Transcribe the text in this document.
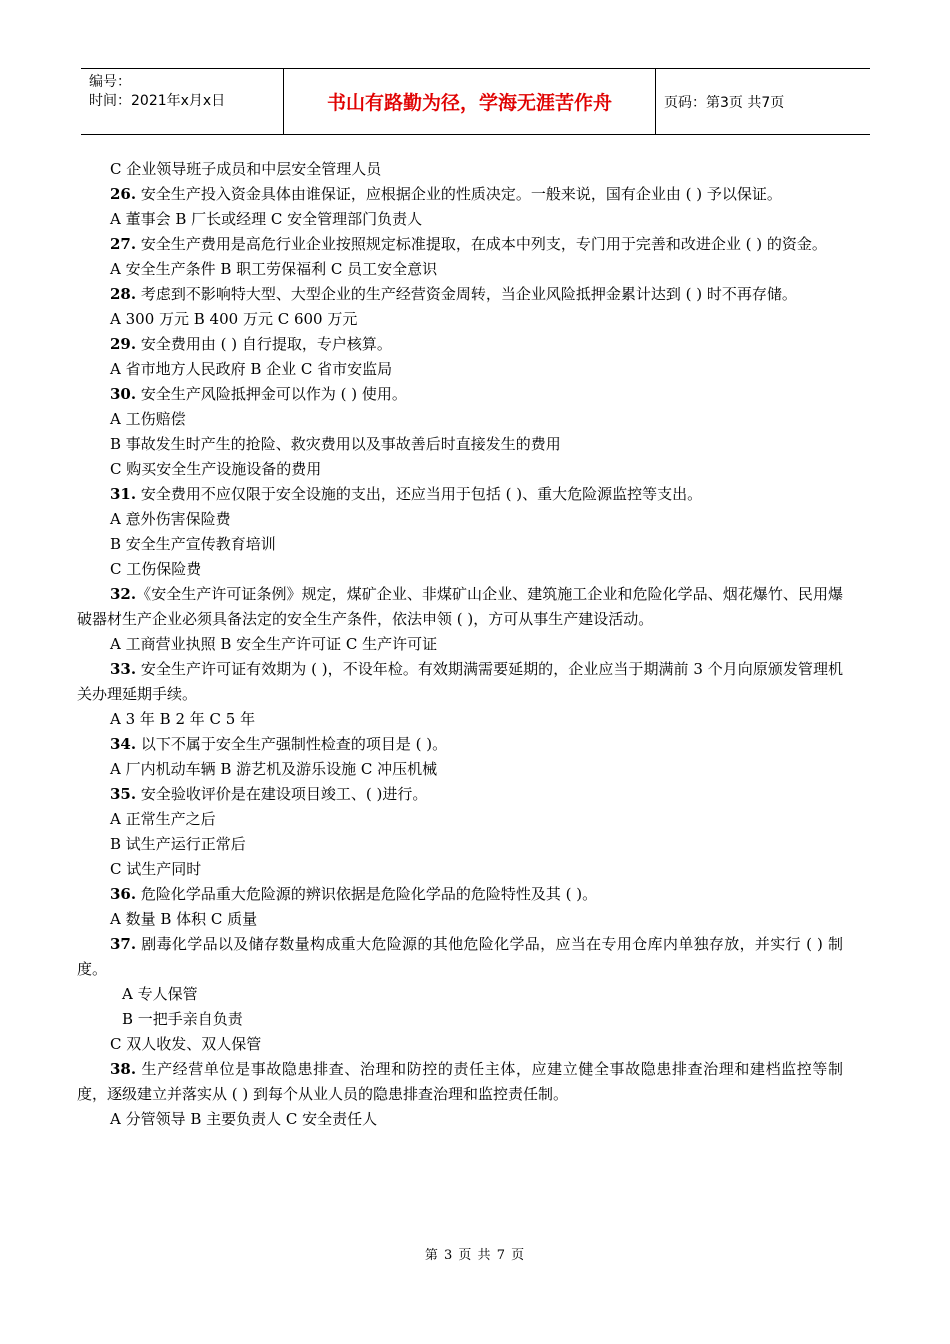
编号：
时间：2021年x月x日	书山有路勤为径，学海无涯苦作舟	页码：第3页 共7页
C 企业领导班子成员和中层安全管理人员
26. 安全生产投入资金具体由谁保证，应根据企业的性质决定。一般来说，国有企业由 ( ) 予以保证。
A 董事会 B 厂长或经理 C 安全管理部门负责人
27. 安全生产费用是高危行业企业按照规定标准提取，在成本中列支，专门用于完善和改进企业 ( ) 的资金。
A 安全生产条件 B 职工劳保福利 C 员工安全意识
28. 考虑到不影响特大型、大型企业的生产经营资金周转，当企业风险抵押金累计达到 ( ) 时不再存储。
A 300 万元 B 400 万元 C 600 万元
29. 安全费用由 ( ) 自行提取，专户核算。
A 省市地方人民政府 B 企业 C 省市安监局
30. 安全生产风险抵押金可以作为 ( ) 使用。
A 工伤赔偿
B 事故发生时产生的抢险、救灾费用以及事故善后时直接发生的费用
C 购买安全生产设施设备的费用
31. 安全费用不应仅限于安全设施的支出，还应当用于包括 ( )、重大危险源监控等支出。
A 意外伤害保险费
B 安全生产宣传教育培训
C 工伤保险费
32.《安全生产许可证条例》规定，煤矿企业、非煤矿山企业、建筑施工企业和危险化学品、烟花爆竹、民用爆破器材生产企业必须具备法定的安全生产条件，依法申领 ( )，方可从事生产建设活动。
A 工商营业执照 B 安全生产许可证 C 生产许可证
33. 安全生产许可证有效期为 ( )，不设年检。有效期满需要延期的，企业应当于期满前 3 个月向原颁发管理机关办理延期手续。
A 3 年 B 2 年 C 5 年
34. 以下不属于安全生产强制性检查的项目是 ( )。
A 厂内机动车辆 B 游艺机及游乐设施 C 冲压机械
35. 安全验收评价是在建设项目竣工、( )进行。
A 正常生产之后
B 试生产运行正常后
C 试生产同时
36. 危险化学品重大危险源的辨识依据是危险化学品的危险特性及其 ( )。
A 数量 B 体积 C 质量
37. 剧毒化学品以及储存数量构成重大危险源的其他危险化学品，应当在专用仓库内单独存放，并实行 ( ) 制度。
A 专人保管
B 一把手亲自负责
C 双人收发、双人保管
38. 生产经营单位是事故隐患排查、治理和防控的责任主体，应建立健全事故隐患排查治理和建档监控等制度，逐级建立并落实从 ( ) 到每个从业人员的隐患排查治理和监控责任制。
A 分管领导 B 主要负责人 C 安全责任人
第 3 页 共 7 页
